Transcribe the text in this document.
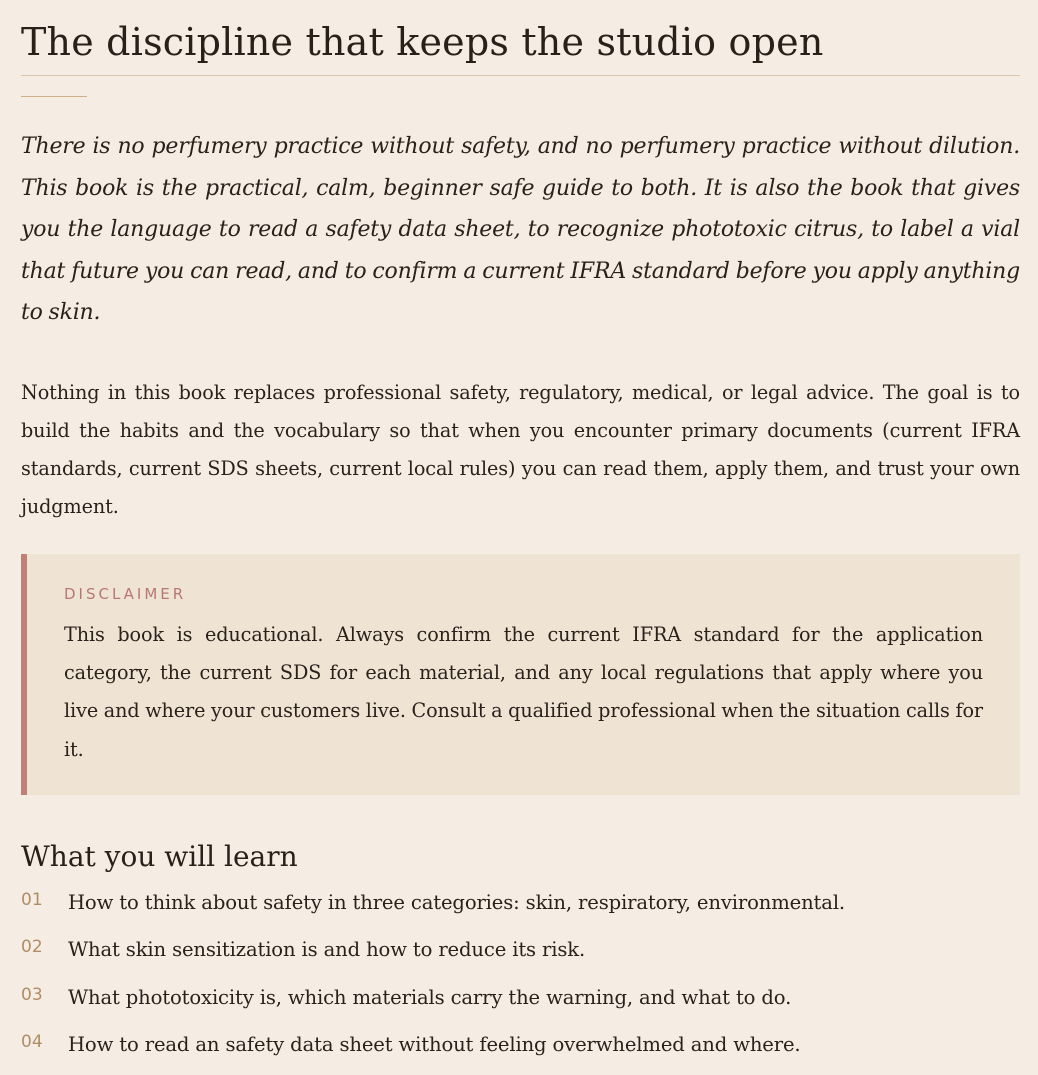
The discipline that keeps the studio open

There is no perfumery practice without safety, and no perfumery practice without dilution. This book is the practical, calm, beginner safe guide to both. It is also the book that gives you the language to read a safety data sheet, to recognize phototoxic citrus, to label a vial that future you can read, and to confirm a current IFRA standard before you apply anything to skin.

Nothing in this book replaces professional safety, regulatory, medical, or legal advice. The goal is to build the habits and the vocabulary so that when you encounter primary documents (current IFRA standards, current SDS sheets, current local rules) you can read them, apply them, and trust your own judgment.

DISCLAIMER

This book is educational. Always confirm the current IFRA standard for the application category, the current SDS for each material, and any local regulations that apply where you live and where your customers live. Consult a qualified professional when the situation calls for it.

What you will learn
01	How to think about safety in three categories: skin, respiratory, environmental.
02	What skin sensitization is and how to reduce its risk.
03	What phototoxicity is, which materials carry the warning, and what to do.
04	How to read an safety data sheet without feeling overwhelmed and where.
